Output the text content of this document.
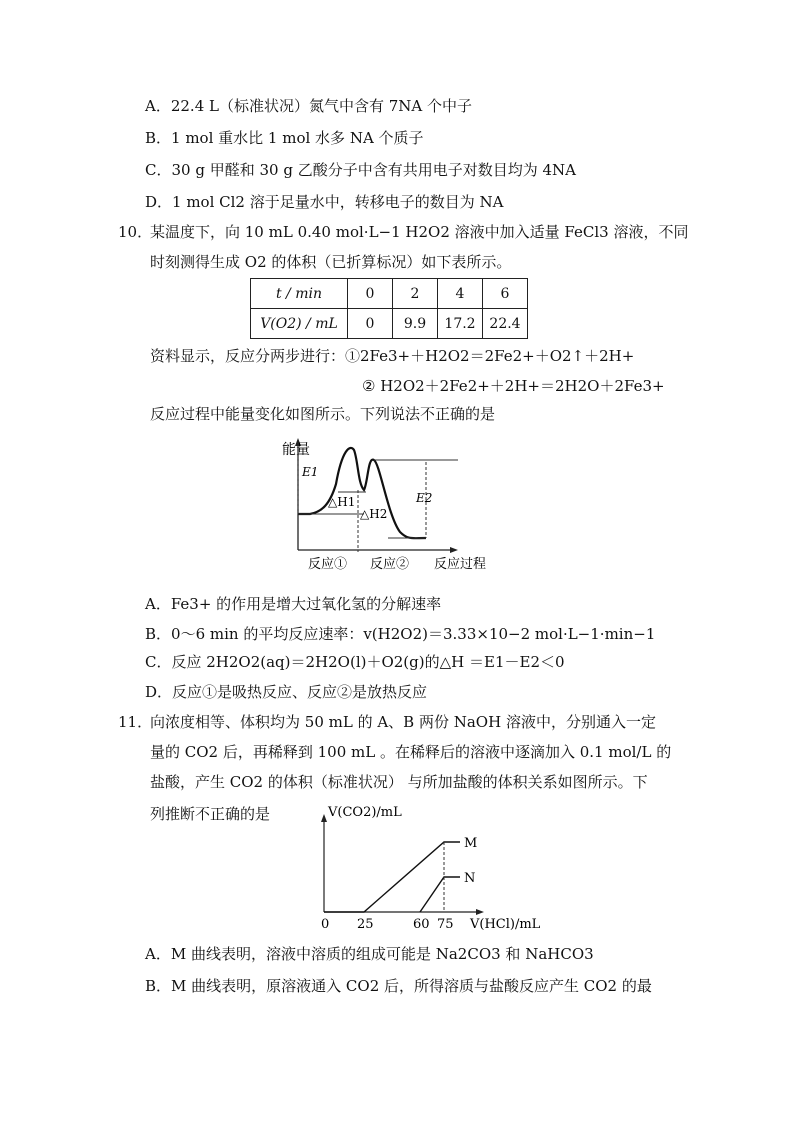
A．22.4 L（标准状况）氮气中含有 7NA 个中子
B．1 mol 重水比 1 mol 水多 NA 个质子
C．30 g 甲醛和 30 g 乙酸分子中含有共用电子对数目均为 4NA
D．1 mol Cl2 溶于足量水中，转移电子的数目为 NA
10．
某温度下，向 10 mL 0.40 mol·L−1 H2O2 溶液中加入适量 FeCl3 溶液，不同
时刻测得生成 O2 的体积（已折算标况）如下表所示。
t / min	0	2	4	6
V(O2) / mL	0	9.9	17.2	22.4
资料显示，反应分两步进行：①2Fe3+＋H2O2＝2Fe2+＋O2↑＋2H+
② H2O2＋2Fe2+＋2H+＝2H2O＋2Fe3+
反应过程中能量变化如图所示。下列说法不正确的是
能量
E1
△H1
△H2
E2
反应① 反应② 反应过程
A．Fe3+ 的作用是增大过氧化氢的分解速率
B．0～6 min 的平均反应速率：v(H2O2)＝3.33×10−2 mol·L−1·min−1
C．反应 2H2O2(aq)＝2H2O(l)＋O2(g)的△H ＝E1－E2＜0
D．反应①是吸热反应、反应②是放热反应
11．
向浓度相等、体积均为 50 mL 的 A、B 两份 NaOH 溶液中，分别通入一定
量的 CO2 后，再稀释到 100 mL 。在稀释后的溶液中逐滴加入 0.1 mol/L 的
盐酸，产生 CO2 的体积（标准状况） 与所加盐酸的体积关系如图所示。下
列推断不正确的是	V(CO2)/mL
V(HCl)/mL
M
N
0 25	60 75
A．M 曲线表明，溶液中溶质的组成可能是 Na2CO3 和 NaHCO3
B．M 曲线表明，原溶液通入 CO2 后，所得溶质与盐酸反应产生 CO2 的最
